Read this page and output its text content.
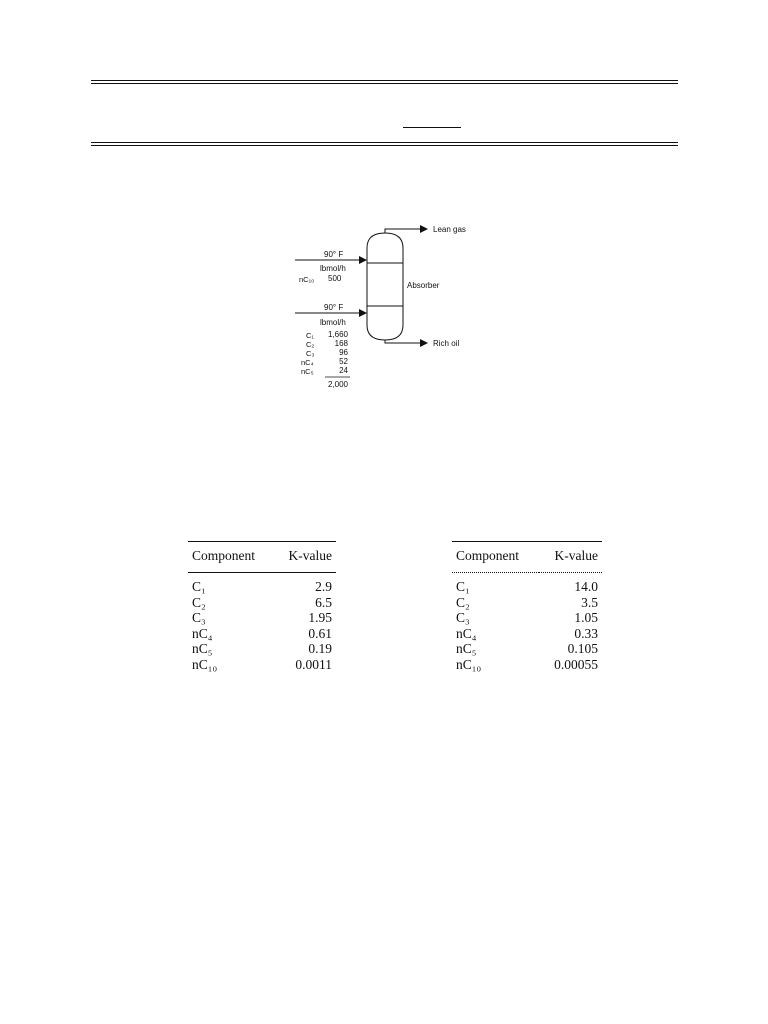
Lean gas
Rich oil
Absorber
90° F
lbmol/h
nC₁₀ 500
90° F
lbmol/h
C₁ 1,660
C₂	168
C₃	96
nC₄	52
nC₅	24
2,000
Component	K-value
C₁	2.9
C₂	6.5
C₃	1.95
nC₄	0.61
nC₅	0.19
nC₁₀	0.0011
Component	K-value
C₁	14.0
C₂	3.5
C₃	1.05
nC₄	0.33
nC₅	0.105
nC₁₀	0.00055
